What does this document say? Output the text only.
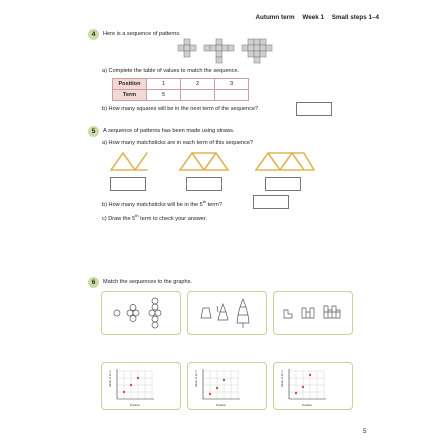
Autumn term Week 1 Small steps 1–4
4	Here is a sequence of patterns.
a) Complete the table of values to match the sequence.
Position	1	2	3
Term	5		
b) How many squares will be in the next term of the sequence?
5	A sequence of patterns has been made using straws.
a) How many matchsticks are in each term of this sequence?
b) How many matchsticks will be in the 5th term?
c) Draw the 5th term to check your answer.
6	Match the sequences to the graphs.
Value of term
Position
Value of term
Position
Value of term
Position
5
